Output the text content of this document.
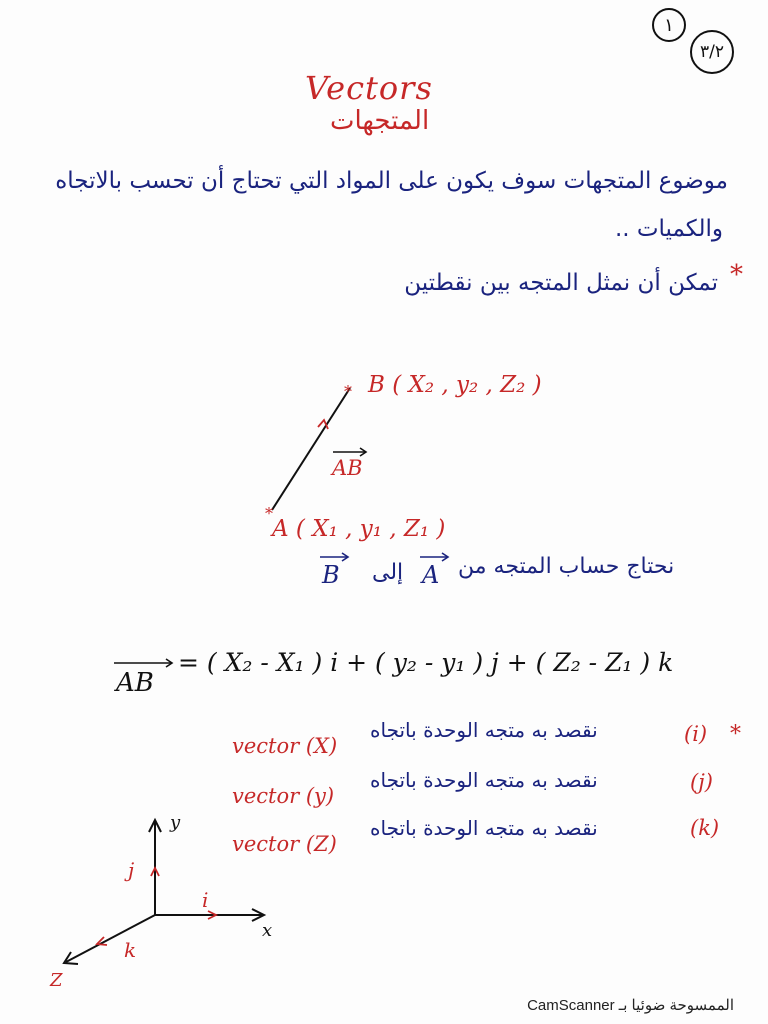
١
٣/٢
Vectors
المتجهات
موضوع المتجهات سوف يكون على المواد التي تحتاج أن تحسب بالاتجاه
والكميات ..
*
تمكن أن نمثل المتجه بين نقطتين
*
*
B ( X₂ , y₂ , Z₂ )
AB
A ( X₁ , y₁ , Z₁ )
B إلى A نحتاج حساب المتجه من
AB
= ( X₂ - X₁ ) i + ( y₂ - y₁ ) j + ( Z₂ - Z₁ ) k
vector (X)
نقصد به متجه الوحدة باتجاه	(i) *
vector (y)
نقصد به متجه الوحدة باتجاه	(j)
vector (Z)
نقصد به متجه الوحدة باتجاه	(k)
y
x
Z
j
i
k
الممسوحة ضوئيا بـ CamScanner
